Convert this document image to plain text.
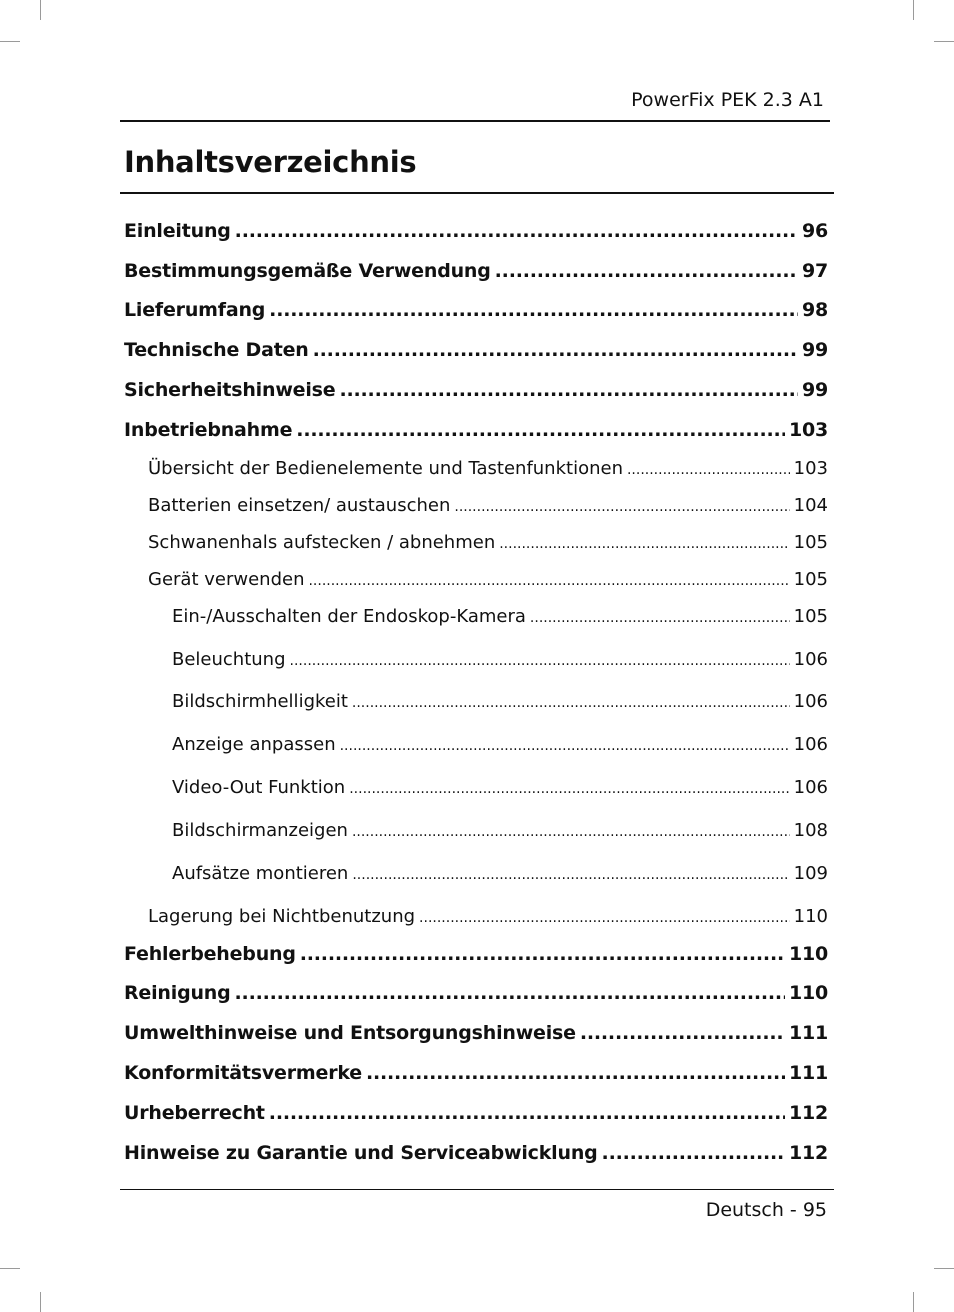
PowerFix PEK 2.3 A1
Inhaltsverzeichnis
Einleitung .....	96
Bestimmungsgemäße Verwendung .....	97
Lieferumfang .....	98
Technische Daten .....	99
Sicherheitshinweise .....	99
Inbetriebnahme .....	103
Übersicht der Bedienelemente und Tastenfunktionen .....	103
Batterien einsetzen/ austauschen .....	104
Schwanenhals aufstecken / abnehmen .....	105
Gerät verwenden .....	105
Ein-/Ausschalten der Endoskop-Kamera .....	105
Beleuchtung .....	106
Bildschirmhelligkeit .....	106
Anzeige anpassen .....	106
Video-Out Funktion .....	106
Bildschirmanzeigen .....	108
Aufsätze montieren .....	109
Lagerung bei Nichtbenutzung .....	110
Fehlerbehebung .....	110
Reinigung .....	110
Umwelthinweise und Entsorgungshinweise .....	111
Konformitätsvermerke .....	111
Urheberrecht .....	112
Hinweise zu Garantie und Serviceabwicklung .....	112
Deutsch - 95
